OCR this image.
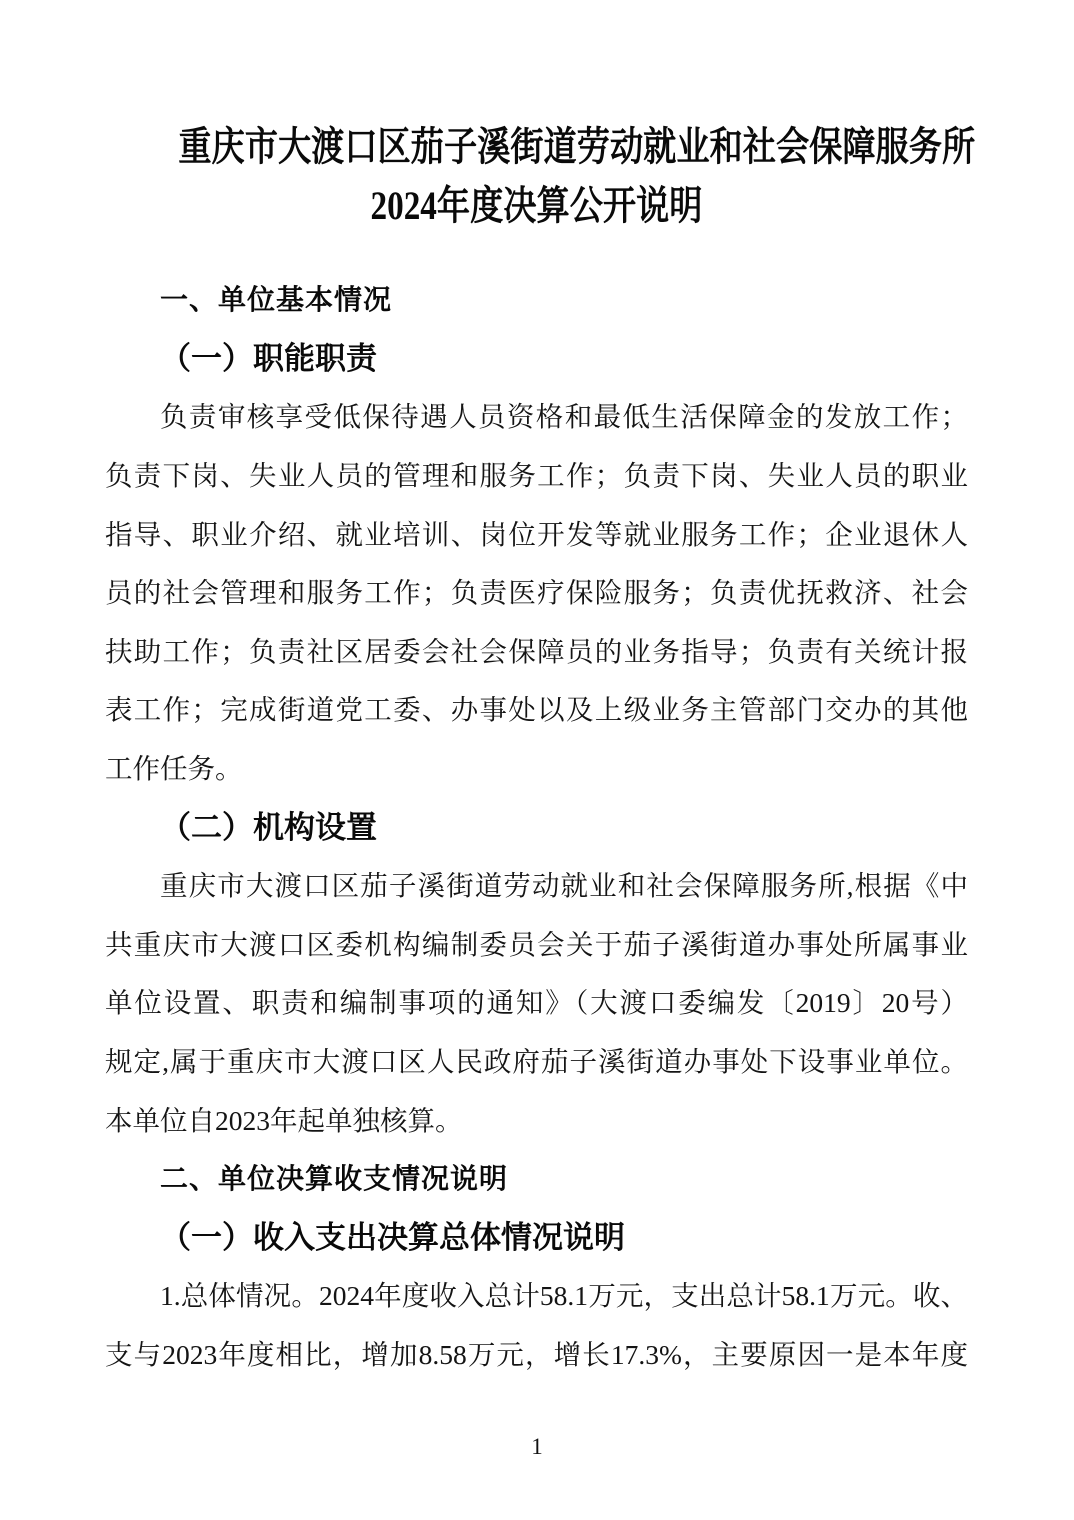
重庆市大渡口区茄子溪街道劳动就业和社会保障服务所
2024年度决算公开说明
一、单位基本情况
（一）职能职责
负责审核享受低保待遇人员资格和最低生活保障金的发放工作；
负责下岗、失业人员的管理和服务工作；负责下岗、失业人员的职业
指导、职业介绍、就业培训、岗位开发等就业服务工作；企业退休人
员的社会管理和服务工作；负责医疗保险服务；负责优抚救济、社会
扶助工作；负责社区居委会社会保障员的业务指导；负责有关统计报
表工作；完成街道党工委、办事处以及上级业务主管部门交办的其他
工作任务。
（二）机构设置
重庆市大渡口区茄子溪街道劳动就业和社会保障服务所,根据《中
共重庆市大渡口区委机构编制委员会关于茄子溪街道办事处所属事业
单位设置、职责和编制事项的通知》（大渡口委编发〔2019〕20号）
规定,属于重庆市大渡口区人民政府茄子溪街道办事处下设事业单位。
本单位自2023年起单独核算。
二、单位决算收支情况说明
（一）收入支出决算总体情况说明
1.总体情况。2024年度收入总计58.1万元，支出总计58.1万元。收、
支与2023年度相比，增加8.58万元，增长17.3%，主要原因一是本年度
1
